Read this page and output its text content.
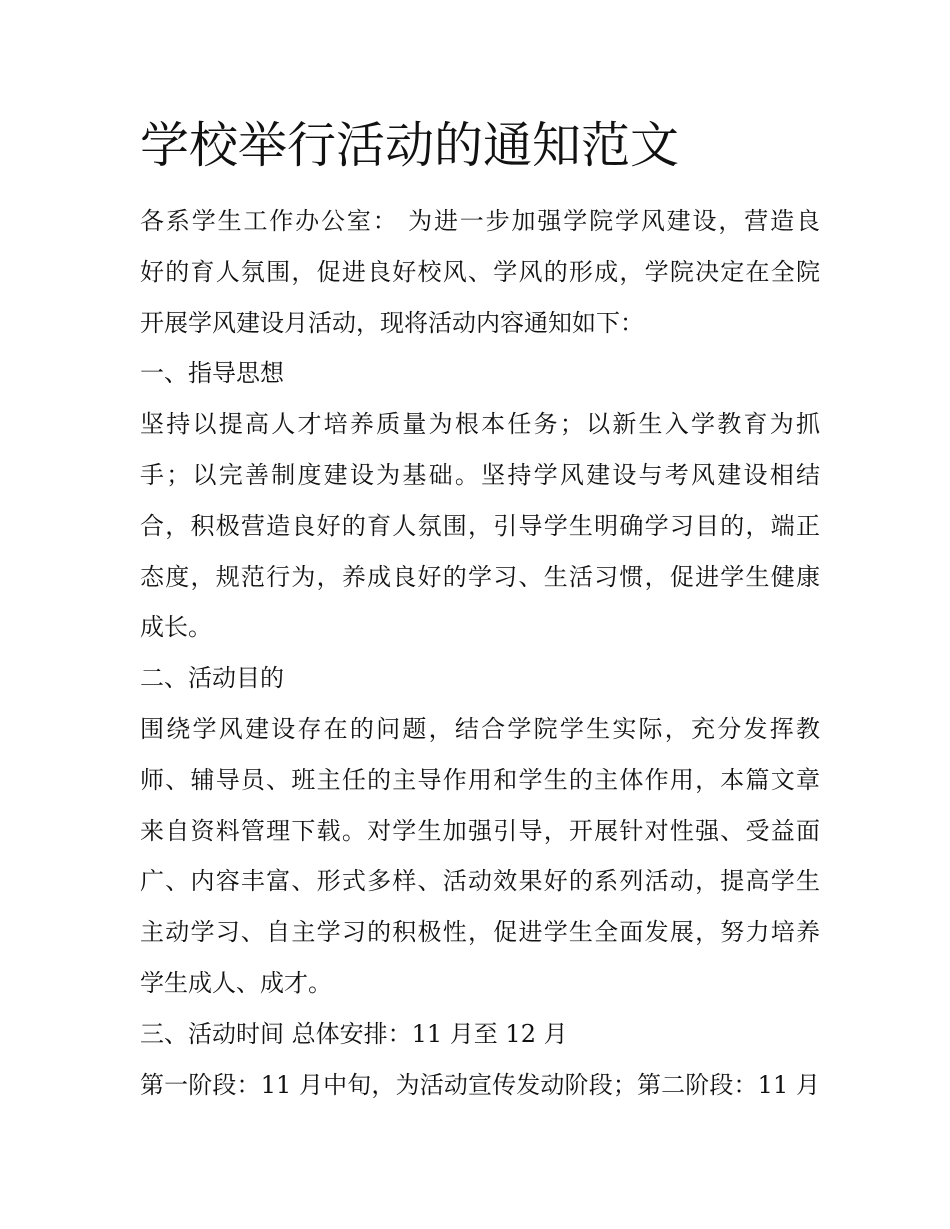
学校举行活动的通知范文
各系学生工作办公室： 为进一步加强学院学风建设，营造良
好的育人氛围，促进良好校风、学风的形成，学院决定在全院
开展学风建设月活动，现将活动内容通知如下：
一、指导思想
坚持以提高人才培养质量为根本任务；以新生入学教育为抓
手；以完善制度建设为基础。坚持学风建设与考风建设相结
合，积极营造良好的育人氛围，引导学生明确学习目的，端正
态度，规范行为，养成良好的学习、生活习惯，促进学生健康
成长。
二、活动目的
围绕学风建设存在的问题，结合学院学生实际，充分发挥教
师、辅导员、班主任的主导作用和学生的主体作用，本篇文章
来自资料管理下载。对学生加强引导，开展针对性强、受益面
广、内容丰富、形式多样、活动效果好的系列活动，提高学生
主动学习、自主学习的积极性，促进学生全面发展，努力培养
学生成人、成才。
三、活动时间 总体安排：11 月至 12 月
第一阶段：11 月中旬，为活动宣传发动阶段；第二阶段：11 月
